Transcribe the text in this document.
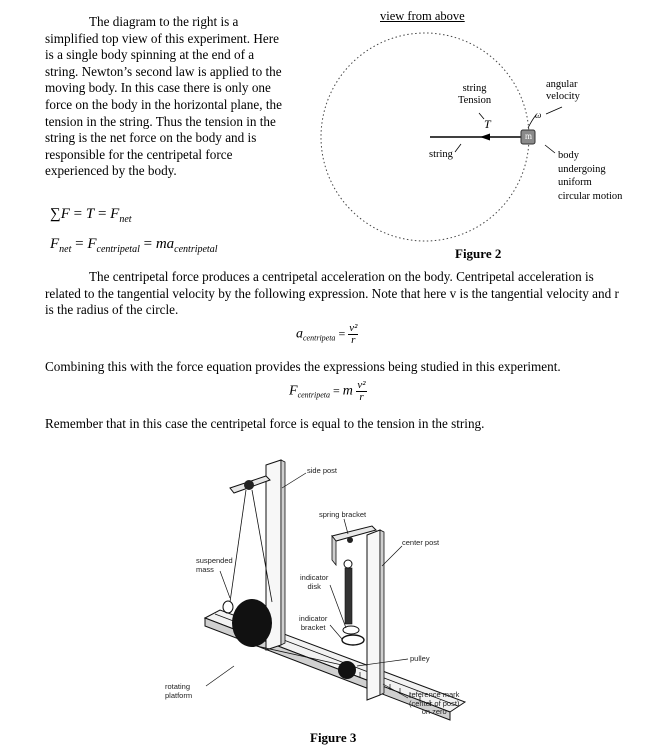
The diagram to the right is a simplified top view of this experiment. Here is a single body spinning at the end of a string. Newton’s second law is applied to the moving body. In this case there is only one force on the body in the horizontal plane, the tension in the string. Thus the tension in the string is the net force on the body and is responsible for the centripetal force experienced by the body.
$\sum F = T = F_{net}$
$F_{net} = F_{centripetal} = ma_{centripetal}$
view from above
string
Tension
T
string
angular
velocity
ω
m
body
undergoing
uniform
circular motion
Figure 2
The centripetal force produces a centripetal acceleration on the body. Centripetal acceleration is related to the tangential velocity by the following expression. Note that here v is the tangential velocity and r is the radius of the circle.
$a_{centripeta} = \frac{\text{v²}}{r}$
Combining this with the force equation provides the expressions being studied in this experiment.
$F_{centripeta} = m \frac{\text{v²}}{r}$
Remember that in this case the centripetal force is equal to the tension in the string.
side post
spring bracket
center post
suspended
mass
indicator
disk
indicator
bracket
pulley
rotating
platform	reference mark
(center of post)
on zero
Figure 3
